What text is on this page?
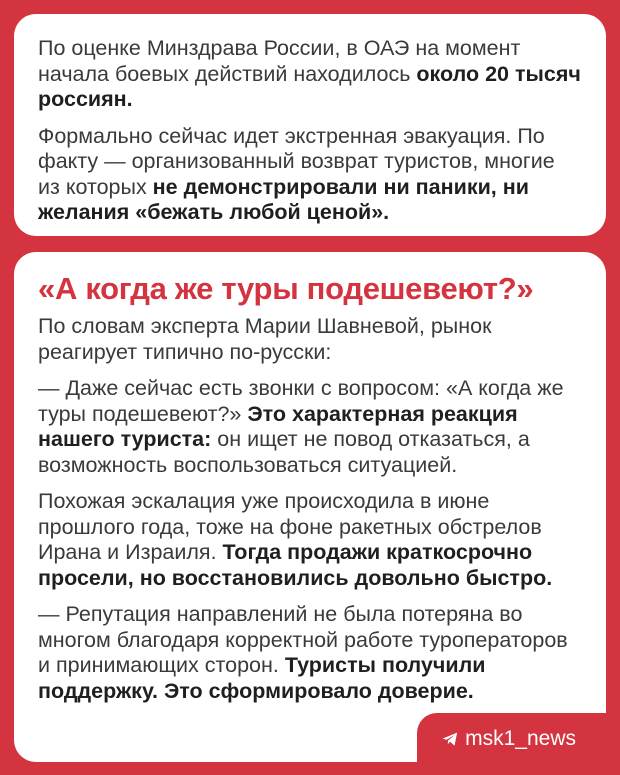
По оценке Минздрава России, в ОАЭ на момент начала боевых действий находилось около 20 тысяч россиян.

Формально сейчас идет экстренная эвакуация. По факту — организованный возврат туристов, многие из которых не демонстрировали ни паники, ни желания «бежать любой ценой».

«А когда же туры подешевеют?»

По словам эксперта Марии Шавневой, рынок реагирует типично по-русски:

— Даже сейчас есть звонки с вопросом: «А когда же туры подешевеют?» Это характерная реакция нашего туриста: он ищет не повод отказаться, а возможность воспользоваться ситуацией.

Похожая эскалация уже происходила в июне прошлого года, тоже на фоне ракетных обстрелов Ирана и Израиля. Тогда продажи краткосрочно просели, но восстановились довольно быстро.

— Репутация направлений не была потеряна во многом благодаря корректной работе туроператоров и принимающих сторон. Туристы получили поддержку. Это сформировало доверие.

msk1_news
